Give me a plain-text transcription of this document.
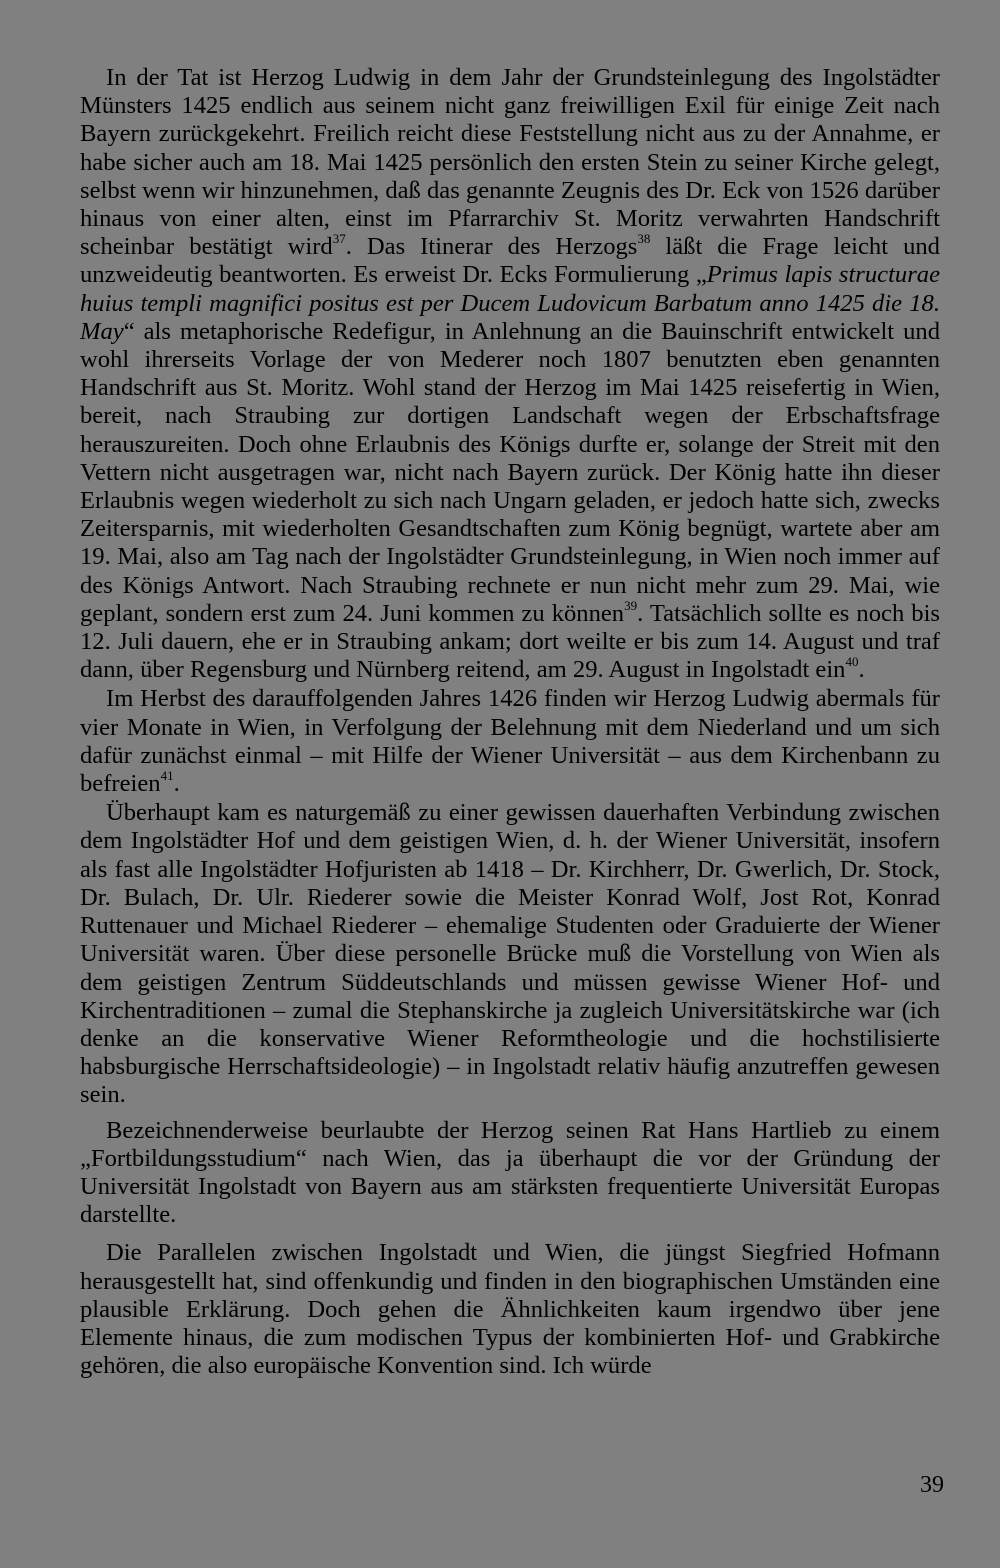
In der Tat ist Herzog Ludwig in dem Jahr der Grundsteinlegung des Ingolstädter Münsters 1425 endlich aus seinem nicht ganz freiwilligen Exil für einige Zeit nach Bayern zurückgekehrt. Freilich reicht diese Feststellung nicht aus zu der Annahme, er habe sicher auch am 18. Mai 1425 persönlich den ersten Stein zu seiner Kirche gelegt, selbst wenn wir hinzunehmen, daß das genannte Zeugnis des Dr. Eck von 1526 darüber hinaus von einer alten, einst im Pfarrarchiv St. Moritz verwahrten Handschrift scheinbar bestätigt wird$^{37}$. Das Itinerar des Herzogs$^{38}$ läßt die Frage leicht und unzweideutig beantworten. Es erweist Dr. Ecks Formulierung „Primus lapis structurae huius templi magnifici positus est per Ducem Ludovicum Barbatum anno 1425 die 18. May“ als metaphorische Redefigur, in Anlehnung an die Bauinschrift entwickelt und wohl ihrerseits Vorlage der von Mederer noch 1807 benutzten eben genannten Handschrift aus St. Moritz. Wohl stand der Herzog im Mai 1425 reisefertig in Wien, bereit, nach Straubing zur dortigen Landschaft wegen der Erbschaftsfrage herauszureiten. Doch ohne Erlaubnis des Königs durfte er, solange der Streit mit den Vettern nicht ausgetragen war, nicht nach Bayern zurück. Der König hatte ihn dieser Erlaubnis wegen wiederholt zu sich nach Ungarn geladen, er jedoch hatte sich, zwecks Zeitersparnis, mit wiederholten Gesandtschaften zum König begnügt, wartete aber am 19. Mai, also am Tag nach der Ingolstädter Grundsteinlegung, in Wien noch immer auf des Königs Antwort. Nach Straubing rechnete er nun nicht mehr zum 29. Mai, wie geplant, sondern erst zum 24. Juni kommen zu können$^{39}$. Tatsächlich sollte es noch bis 12. Juli dauern, ehe er in Straubing ankam; dort weilte er bis zum 14. August und traf dann, über Regensburg und Nürnberg reitend, am 29. August in Ingolstadt ein$^{40}$.

Im Herbst des darauffolgenden Jahres 1426 finden wir Herzog Ludwig abermals für vier Monate in Wien, in Verfolgung der Belehnung mit dem Niederland und um sich dafür zunächst einmal – mit Hilfe der Wiener Universität – aus dem Kirchenbann zu befreien$^{41}$.

Überhaupt kam es naturgemäß zu einer gewissen dauerhaften Verbindung zwischen dem Ingolstädter Hof und dem geistigen Wien, d. h. der Wiener Universität, insofern als fast alle Ingolstädter Hofjuristen ab 1418 – Dr. Kirchherr, Dr. Gwerlich, Dr. Stock, Dr. Bulach, Dr. Ulr. Riederer sowie die Meister Konrad Wolf, Jost Rot, Konrad Ruttenauer und Michael Riederer – ehemalige Studenten oder Graduierte der Wiener Universität waren. Über diese personelle Brücke muß die Vorstellung von Wien als dem geistigen Zentrum Süddeutschlands und müssen gewisse Wiener Hof- und Kirchentraditionen – zumal die Stephanskirche ja zugleich Universitätskirche war (ich denke an die konservative Wiener Reformtheologie und die hochstilisierte habsburgische Herrschaftsideologie) – in Ingolstadt relativ häufig anzutreffen gewesen sein.

Bezeichnenderweise beurlaubte der Herzog seinen Rat Hans Hartlieb zu einem „Fortbildungsstudium“ nach Wien, das ja überhaupt die vor der Gründung der Universität Ingolstadt von Bayern aus am stärksten frequentierte Universität Europas darstellte.

Die Parallelen zwischen Ingolstadt und Wien, die jüngst Siegfried Hofmann herausgestellt hat, sind offenkundig und finden in den biographischen Umständen eine plausible Erklärung. Doch gehen die Ähnlichkeiten kaum irgendwo über jene Elemente hinaus, die zum modischen Typus der kombinierten Hof- und Grabkirche gehören, die also europäische Konvention sind. Ich würde

39
